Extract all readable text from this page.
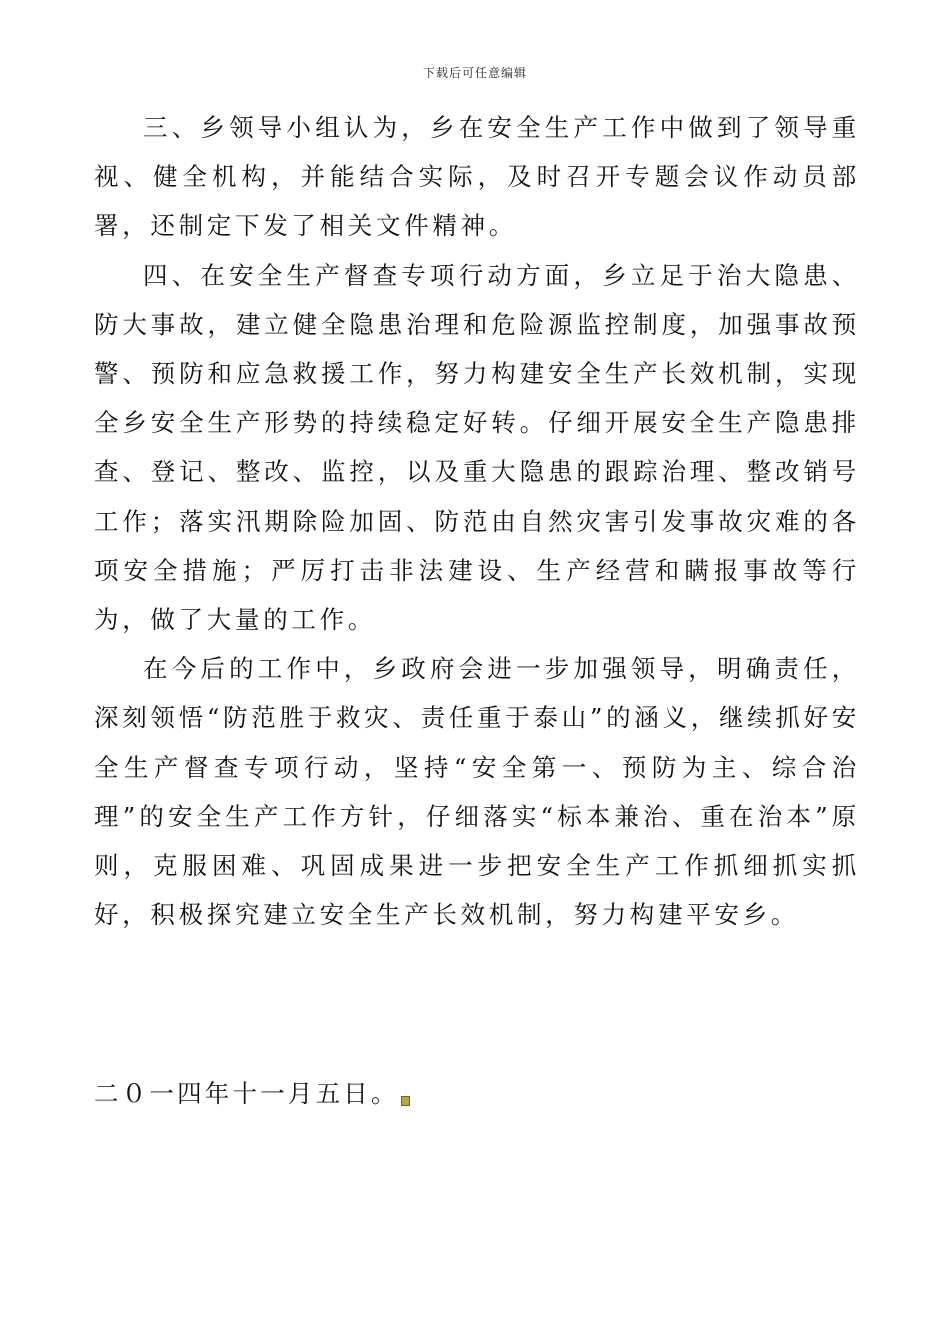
下载后可任意编辑

三、乡领导小组认为，乡在安全生产工作中做到了领导重视、健全机构，并能结合实际，及时召开专题会议作动员部署，还制定下发了相关文件精神。

四、在安全生产督查专项行动方面，乡立足于治大隐患、防大事故，建立健全隐患治理和危险源监控制度，加强事故预警、预防和应急救援工作，努力构建安全生产长效机制，实现全乡安全生产形势的持续稳定好转。仔细开展安全生产隐患排查、登记、整改、监控，以及重大隐患的跟踪治理、整改销号工作；落实汛期除险加固、防范由自然灾害引发事故灾难的各项安全措施；严厉打击非法建设、生产经营和瞒报事故等行为，做了大量的工作。

在今后的工作中，乡政府会进一步加强领导，明确责任，深刻领悟“防范胜于救灾、责任重于泰山”的涵义，继续抓好安全生产督查专项行动，坚持“安全第一、预防为主、综合治理”的安全生产工作方针，仔细落实“标本兼治、重在治本”原则，克服困难、巩固成果进一步把安全生产工作抓细抓实抓好，积极探究建立安全生产长效机制，努力构建平安乡。

二０一四年十一月五日。
